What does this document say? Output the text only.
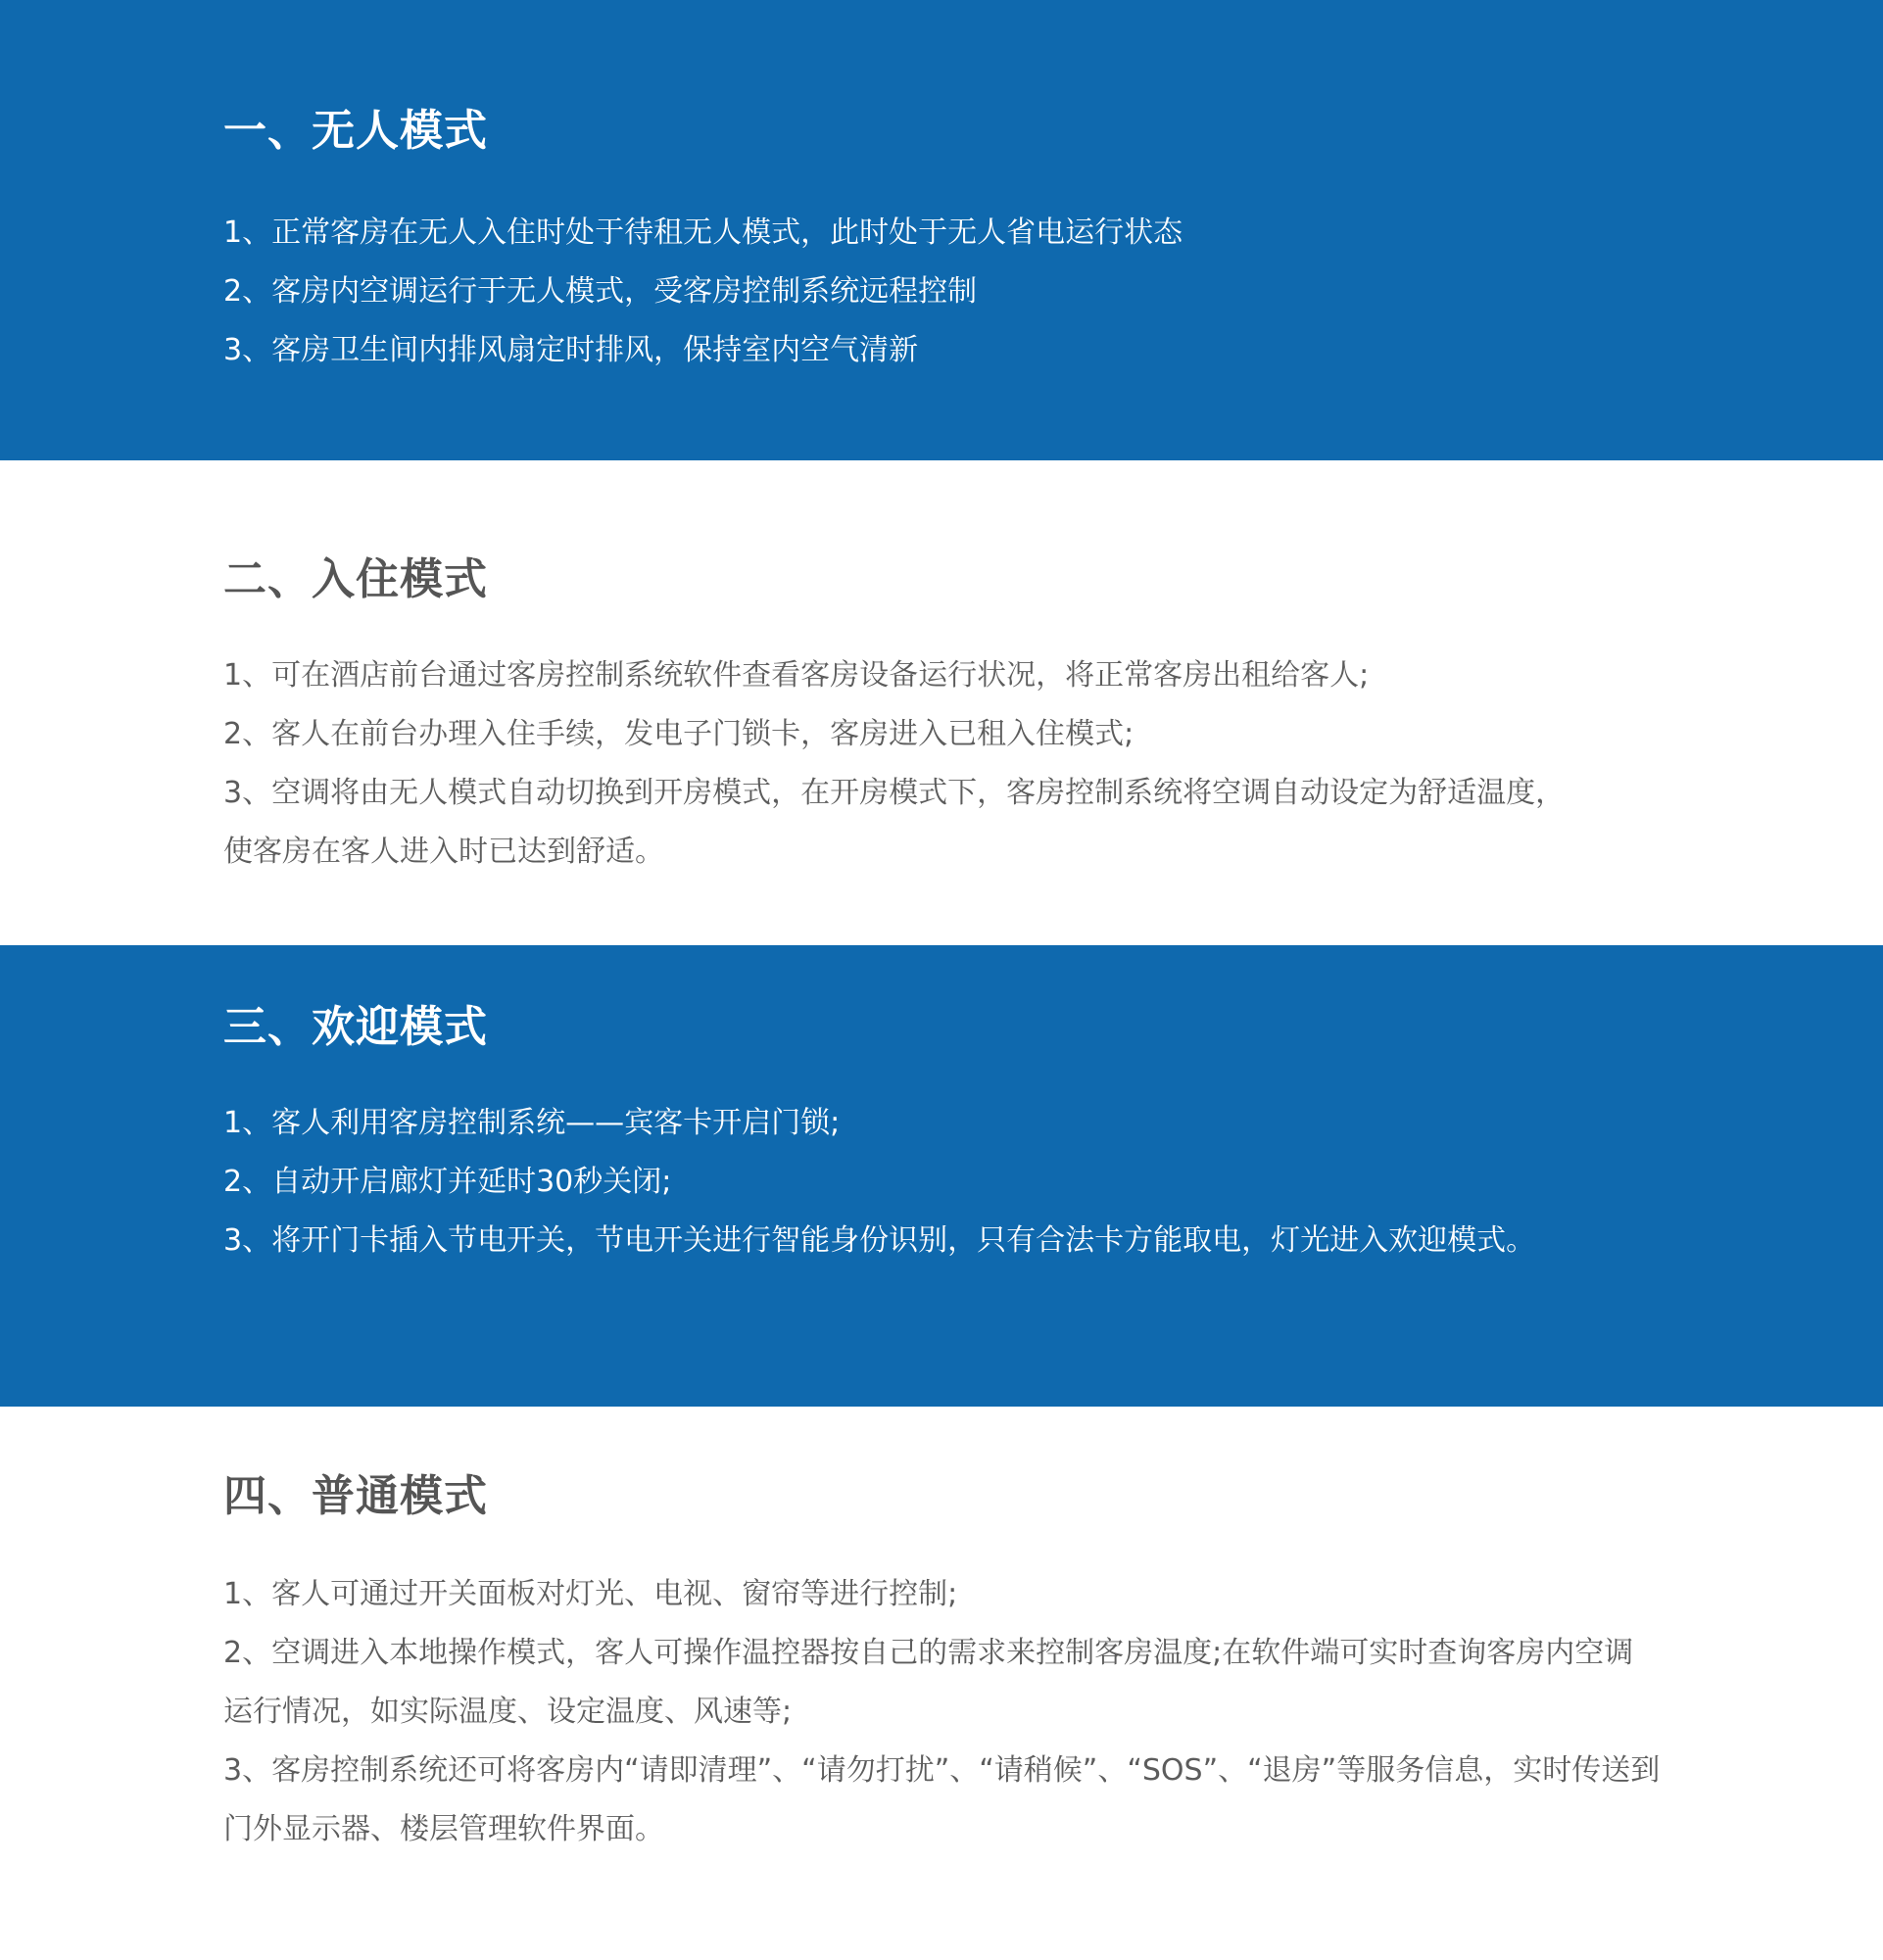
一、无人模式
1、正常客房在无人入住时处于待租无人模式，此时处于无人省电运行状态
2、客房内空调运行于无人模式，受客房控制系统远程控制
3、客房卫生间内排风扇定时排风，保持室内空气清新
二、入住模式
1、可在酒店前台通过客房控制系统软件查看客房设备运行状况，将正常客房出租给客人;
2、客人在前台办理入住手续，发电子门锁卡，客房进入已租入住模式;
3、空调将由无人模式自动切换到开房模式，在开房模式下，客房控制系统将空调自动设定为舒适温度，
使客房在客人进入时已达到舒适。
三、欢迎模式
1、客人利用客房控制系统——宾客卡开启门锁;
2、自动开启廊灯并延时30秒关闭;
3、将开门卡插入节电开关，节电开关进行智能身份识别，只有合法卡方能取电，灯光进入欢迎模式。
四、普通模式
1、客人可通过开关面板对灯光、电视、窗帘等进行控制;
2、空调进入本地操作模式，客人可操作温控器按自己的需求来控制客房温度;在软件端可实时查询客房内空调
运行情况，如实际温度、设定温度、风速等;
3、客房控制系统还可将客房内“请即清理”、“请勿打扰”、“请稍候”、“SOS”、“退房”等服务信息，实时传送到
门外显示器、楼层管理软件界面。
